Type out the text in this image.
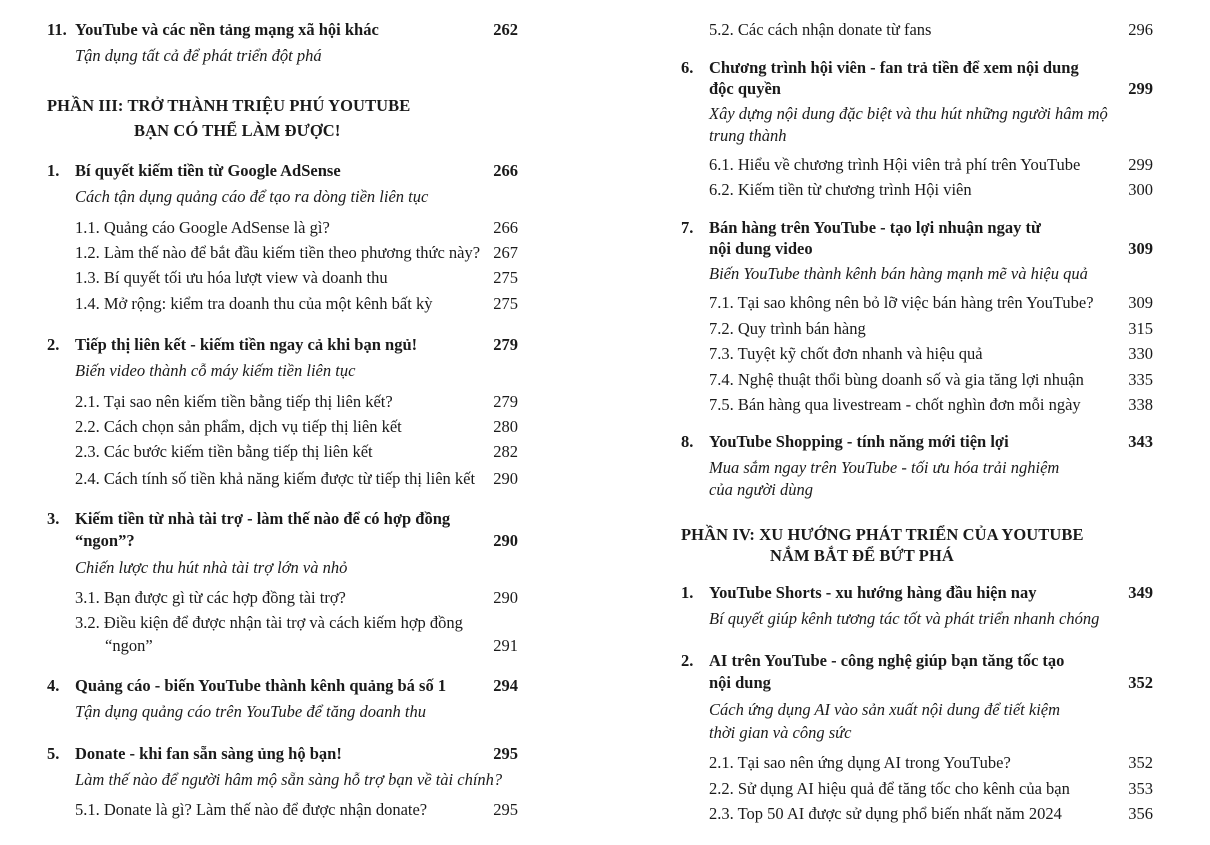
11. YouTube và các nền tảng mạng xã hội khác	262
Tận dụng tất cả để phát triển đột phá
PHẦN III: TRỞ THÀNH TRIỆU PHÚ YOUTUBE
BẠN CÓ THỂ LÀM ĐƯỢC!
1. Bí quyết kiếm tiền từ Google AdSense	266
Cách tận dụng quảng cáo để tạo ra dòng tiền liên tục
1.1. Quảng cáo Google AdSense là gì?	266
1.2. Làm thế nào để bắt đầu kiếm tiền theo phương thức này? 267
1.3. Bí quyết tối ưu hóa lượt view và doanh thu	275
1.4. Mở rộng: kiểm tra doanh thu của một kênh bất kỳ	275
2. Tiếp thị liên kết - kiếm tiền ngay cả khi bạn ngủ!	279
Biến video thành cỗ máy kiếm tiền liên tục
2.1. Tại sao nên kiếm tiền bằng tiếp thị liên kết?	279
2.2. Cách chọn sản phẩm, dịch vụ tiếp thị liên kết	280
2.3. Các bước kiếm tiền bằng tiếp thị liên kết	282
2.4. Cách tính số tiền khả năng kiếm được từ tiếp thị liên kết	290
3. Kiếm tiền từ nhà tài trợ - làm thế nào để có hợp đồng
“ngon”?	290
Chiến lược thu hút nhà tài trợ lớn và nhỏ
3.1. Bạn được gì từ các hợp đồng tài trợ?	290
3.2. Điều kiện để được nhận tài trợ và cách kiếm hợp đồng
“ngon”	291
4. Quảng cáo - biến YouTube thành kênh quảng bá số 1	294
Tận dụng quảng cáo trên YouTube để tăng doanh thu
5. Donate - khi fan sẵn sàng ủng hộ bạn!	295
Làm thế nào để người hâm mộ sẵn sàng hỗ trợ bạn về tài chính?
5.1. Donate là gì? Làm thế nào để được nhận donate?	295
5.2. Các cách nhận donate từ fans	296
6. Chương trình hội viên - fan trả tiền để xem nội dung
độc quyền	299
Xây dựng nội dung đặc biệt và thu hút những người hâm mộ
trung thành
6.1. Hiểu về chương trình Hội viên trả phí trên YouTube	299
6.2. Kiếm tiền từ chương trình Hội viên	300
7. Bán hàng trên YouTube - tạo lợi nhuận ngay từ
nội dung video	309
Biến YouTube thành kênh bán hàng mạnh mẽ và hiệu quả
7.1. Tại sao không nên bỏ lỡ việc bán hàng trên YouTube?	309
7.2. Quy trình bán hàng	315
7.3. Tuyệt kỹ chốt đơn nhanh và hiệu quả	330
7.4. Nghệ thuật thổi bùng doanh số và gia tăng lợi nhuận	335
7.5. Bán hàng qua livestream - chốt nghìn đơn mỗi ngày	338
8. YouTube Shopping - tính năng mới tiện lợi	343
Mua sắm ngay trên YouTube - tối ưu hóa trải nghiệm
của người dùng
PHẦN IV: XU HƯỚNG PHÁT TRIỂN CỦA YOUTUBE
NẮM BẮT ĐỂ BỨT PHÁ
1. YouTube Shorts - xu hướng hàng đầu hiện nay	349
Bí quyết giúp kênh tương tác tốt và phát triển nhanh chóng
2. AI trên YouTube - công nghệ giúp bạn tăng tốc tạo
nội dung	352
Cách ứng dụng AI vào sản xuất nội dung để tiết kiệm
thời gian và công sức
2.1. Tại sao nên ứng dụng AI trong YouTube?	352
2.2. Sử dụng AI hiệu quả để tăng tốc cho kênh của bạn	353
2.3. Top 50 AI được sử dụng phổ biến nhất năm 2024	356
